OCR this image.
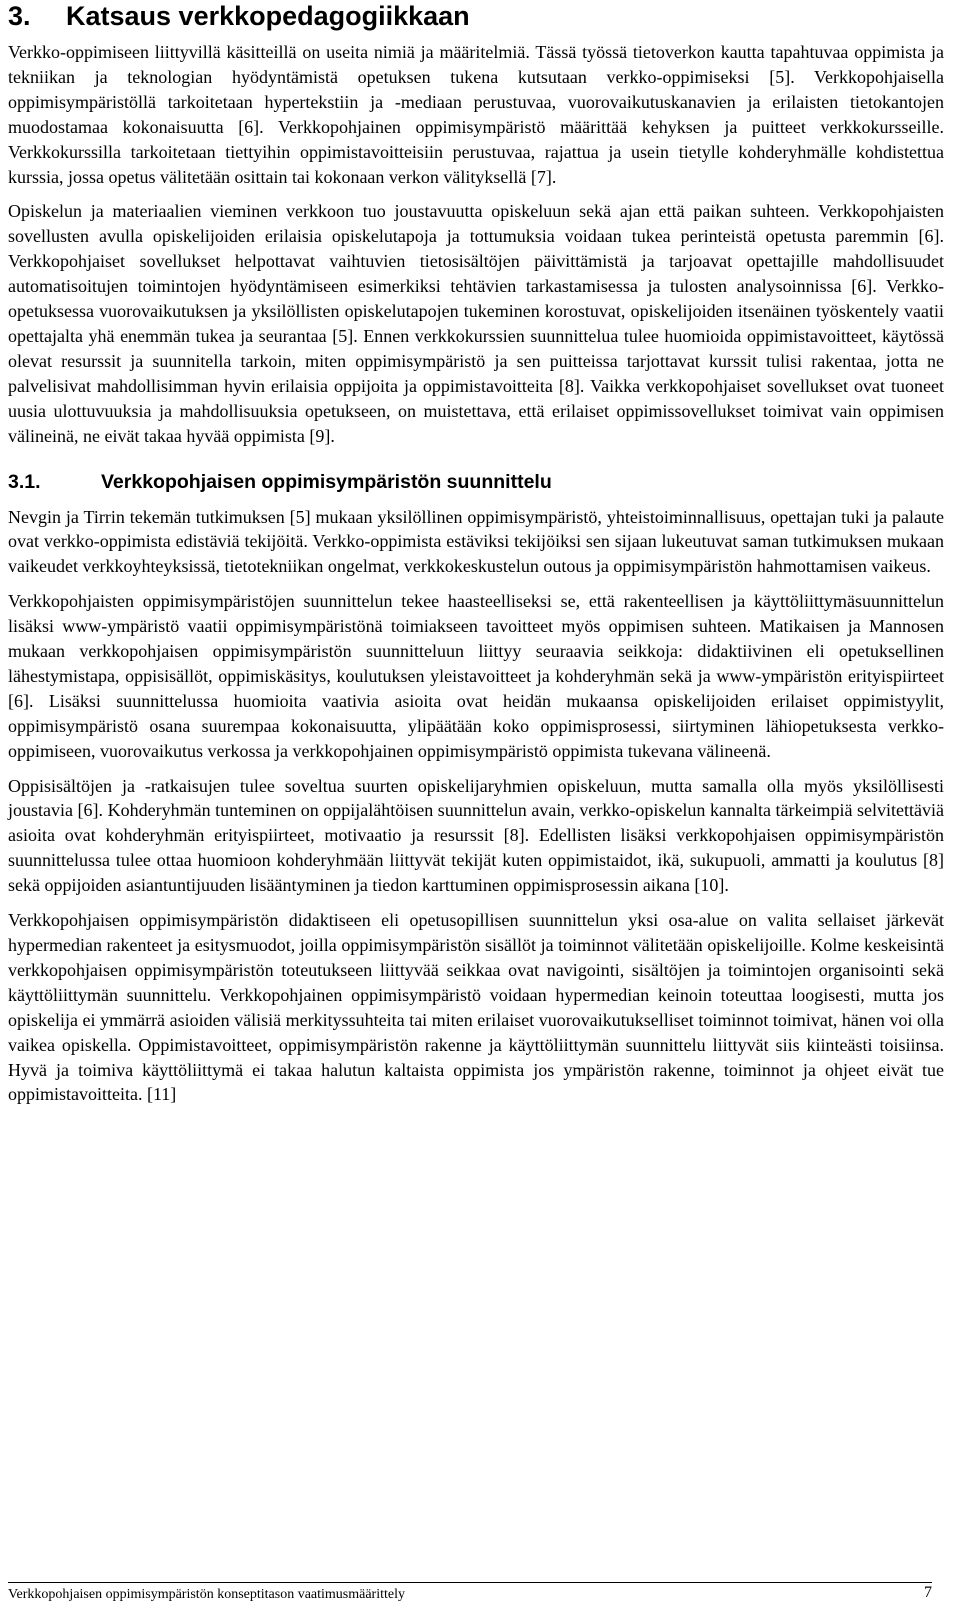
3. Katsaus verkkopedagogiikkaan

Verkko-oppimiseen liittyvillä käsitteillä on useita nimiä ja määritelmiä. Tässä työssä tietoverkon kautta tapahtuvaa oppimista ja tekniikan ja teknologian hyödyntämistä opetuksen tukena kutsutaan verkko-oppimiseksi [5]. Verkkopohjaisella oppimisympäristöllä tarkoitetaan hypertekstiin ja -mediaan perustuvaa, vuorovaikutuskanavien ja erilaisten tietokantojen muodostamaa kokonaisuutta [6]. Verkkopohjainen oppimisympäristö määrittää kehyksen ja puitteet verkkokursseille. Verkkokurssilla tarkoitetaan tiettyihin oppimistavoitteisiin perustuvaa, rajattua ja usein tietylle kohderyhmälle kohdistettua kurssia, jossa opetus välitetään osittain tai kokonaan verkon välityksellä [7].

Opiskelun ja materiaalien vieminen verkkoon tuo joustavuutta opiskeluun sekä ajan että paikan suhteen. Verkkopohjaisten sovellusten avulla opiskelijoiden erilaisia opiskelutapoja ja tottumuksia voidaan tukea perinteistä opetusta paremmin [6]. Verkkopohjaiset sovellukset helpottavat vaihtuvien tietosisältöjen päivittämistä ja tarjoavat opettajille mahdollisuudet automatisoitujen toimintojen hyödyntämiseen esimerkiksi tehtävien tarkastamisessa ja tulosten analysoinnissa [6]. Verkko-opetuksessa vuorovaikutuksen ja yksilöllisten opiskelutapojen tukeminen korostuvat, opiskelijoiden itsenäinen työskentely vaatii opettajalta yhä enemmän tukea ja seurantaa [5]. Ennen verkkokurssien suunnittelua tulee huomioida oppimistavoitteet, käytössä olevat resurssit ja suunnitella tarkoin, miten oppimisympäristö ja sen puitteissa tarjottavat kurssit tulisi rakentaa, jotta ne palvelisivat mahdollisimman hyvin erilaisia oppijoita ja oppimistavoitteita [8]. Vaikka verkkopohjaiset sovellukset ovat tuoneet uusia ulottuvuuksia ja mahdollisuuksia opetukseen, on muistettava, että erilaiset oppimissovellukset toimivat vain oppimisen välineinä, ne eivät takaa hyvää oppimista [9].

3.1.	Verkkopohjaisen oppimisympäristön suunnittelu

Nevgin ja Tirrin tekemän tutkimuksen [5] mukaan yksilöllinen oppimisympäristö, yhteistoiminnallisuus, opettajan tuki ja palaute ovat verkko-oppimista edistäviä tekijöitä. Verkko-oppimista estäviksi tekijöiksi sen sijaan lukeutuvat saman tutkimuksen mukaan vaikeudet verkkoyhteyksissä, tietotekniikan ongelmat, verkkokeskustelun outous ja oppimisympäristön hahmottamisen vaikeus.

Verkkopohjaisten oppimisympäristöjen suunnittelun tekee haasteelliseksi se, että rakenteellisen ja käyttöliittymäsuunnittelun lisäksi www-ympäristö vaatii oppimisympäristönä toimiakseen tavoitteet myös oppimisen suhteen. Matikaisen ja Mannosen mukaan verkkopohjaisen oppimisympäristön suunnitteluun liittyy seuraavia seikkoja: didaktiivinen eli opetuksellinen lähestymistapa, oppisisällöt, oppimiskäsitys, koulutuksen yleistavoitteet ja kohderyhmän sekä ja www-ympäristön erityispiirteet [6]. Lisäksi suunnittelussa huomioita vaativia asioita ovat heidän mukaansa opiskelijoiden erilaiset oppimistyylit, oppimisympäristö osana suurempaa kokonaisuutta, ylipäätään koko oppimisprosessi, siirtyminen lähiopetuksesta verkko-oppimiseen, vuorovaikutus verkossa ja verkkopohjainen oppimisympäristö oppimista tukevana välineenä.

Oppisisältöjen ja -ratkaisujen tulee soveltua suurten opiskelijaryhmien opiskeluun, mutta samalla olla myös yksilöllisesti joustavia [6]. Kohderyhmän tunteminen on oppijalähtöisen suunnittelun avain, verkko-opiskelun kannalta tärkeimpiä selvitettäviä asioita ovat kohderyhmän erityispiirteet, motivaatio ja resurssit [8]. Edellisten lisäksi verkkopohjaisen oppimisympäristön suunnittelussa tulee ottaa huomioon kohderyhmään liittyvät tekijät kuten oppimistaidot, ikä, sukupuoli, ammatti ja koulutus [8] sekä oppijoiden asiantuntijuuden lisääntyminen ja tiedon karttuminen oppimisprosessin aikana [10].

Verkkopohjaisen oppimisympäristön didaktiseen eli opetusopillisen suunnittelun yksi osa-alue on valita sellaiset järkevät hypermedian rakenteet ja esitysmuodot, joilla oppimisympäristön sisällöt ja toiminnot välitetään opiskelijoille. Kolme keskeisintä verkkopohjaisen oppimisympäristön toteutukseen liittyvää seikkaa ovat navigointi, sisältöjen ja toimintojen organisointi sekä käyttöliittymän suunnittelu. Verkkopohjainen oppimisympäristö voidaan hypermedian keinoin toteuttaa loogisesti, mutta jos opiskelija ei ymmärrä asioiden välisiä merkityssuhteita tai miten erilaiset vuorovaikutukselliset toiminnot toimivat, hänen voi olla vaikea opiskella. Oppimistavoitteet, oppimisympäristön rakenne ja käyttöliittymän suunnittelu liittyvät siis kiinteästi toisiinsa. Hyvä ja toimiva käyttöliittymä ei takaa halutun kaltaista oppimista jos ympäristön rakenne, toiminnot ja ohjeet eivät tue oppimistavoitteita. [11]

Verkkopohjaisen oppimisympäristön konseptitason vaatimusmäärittely	7
